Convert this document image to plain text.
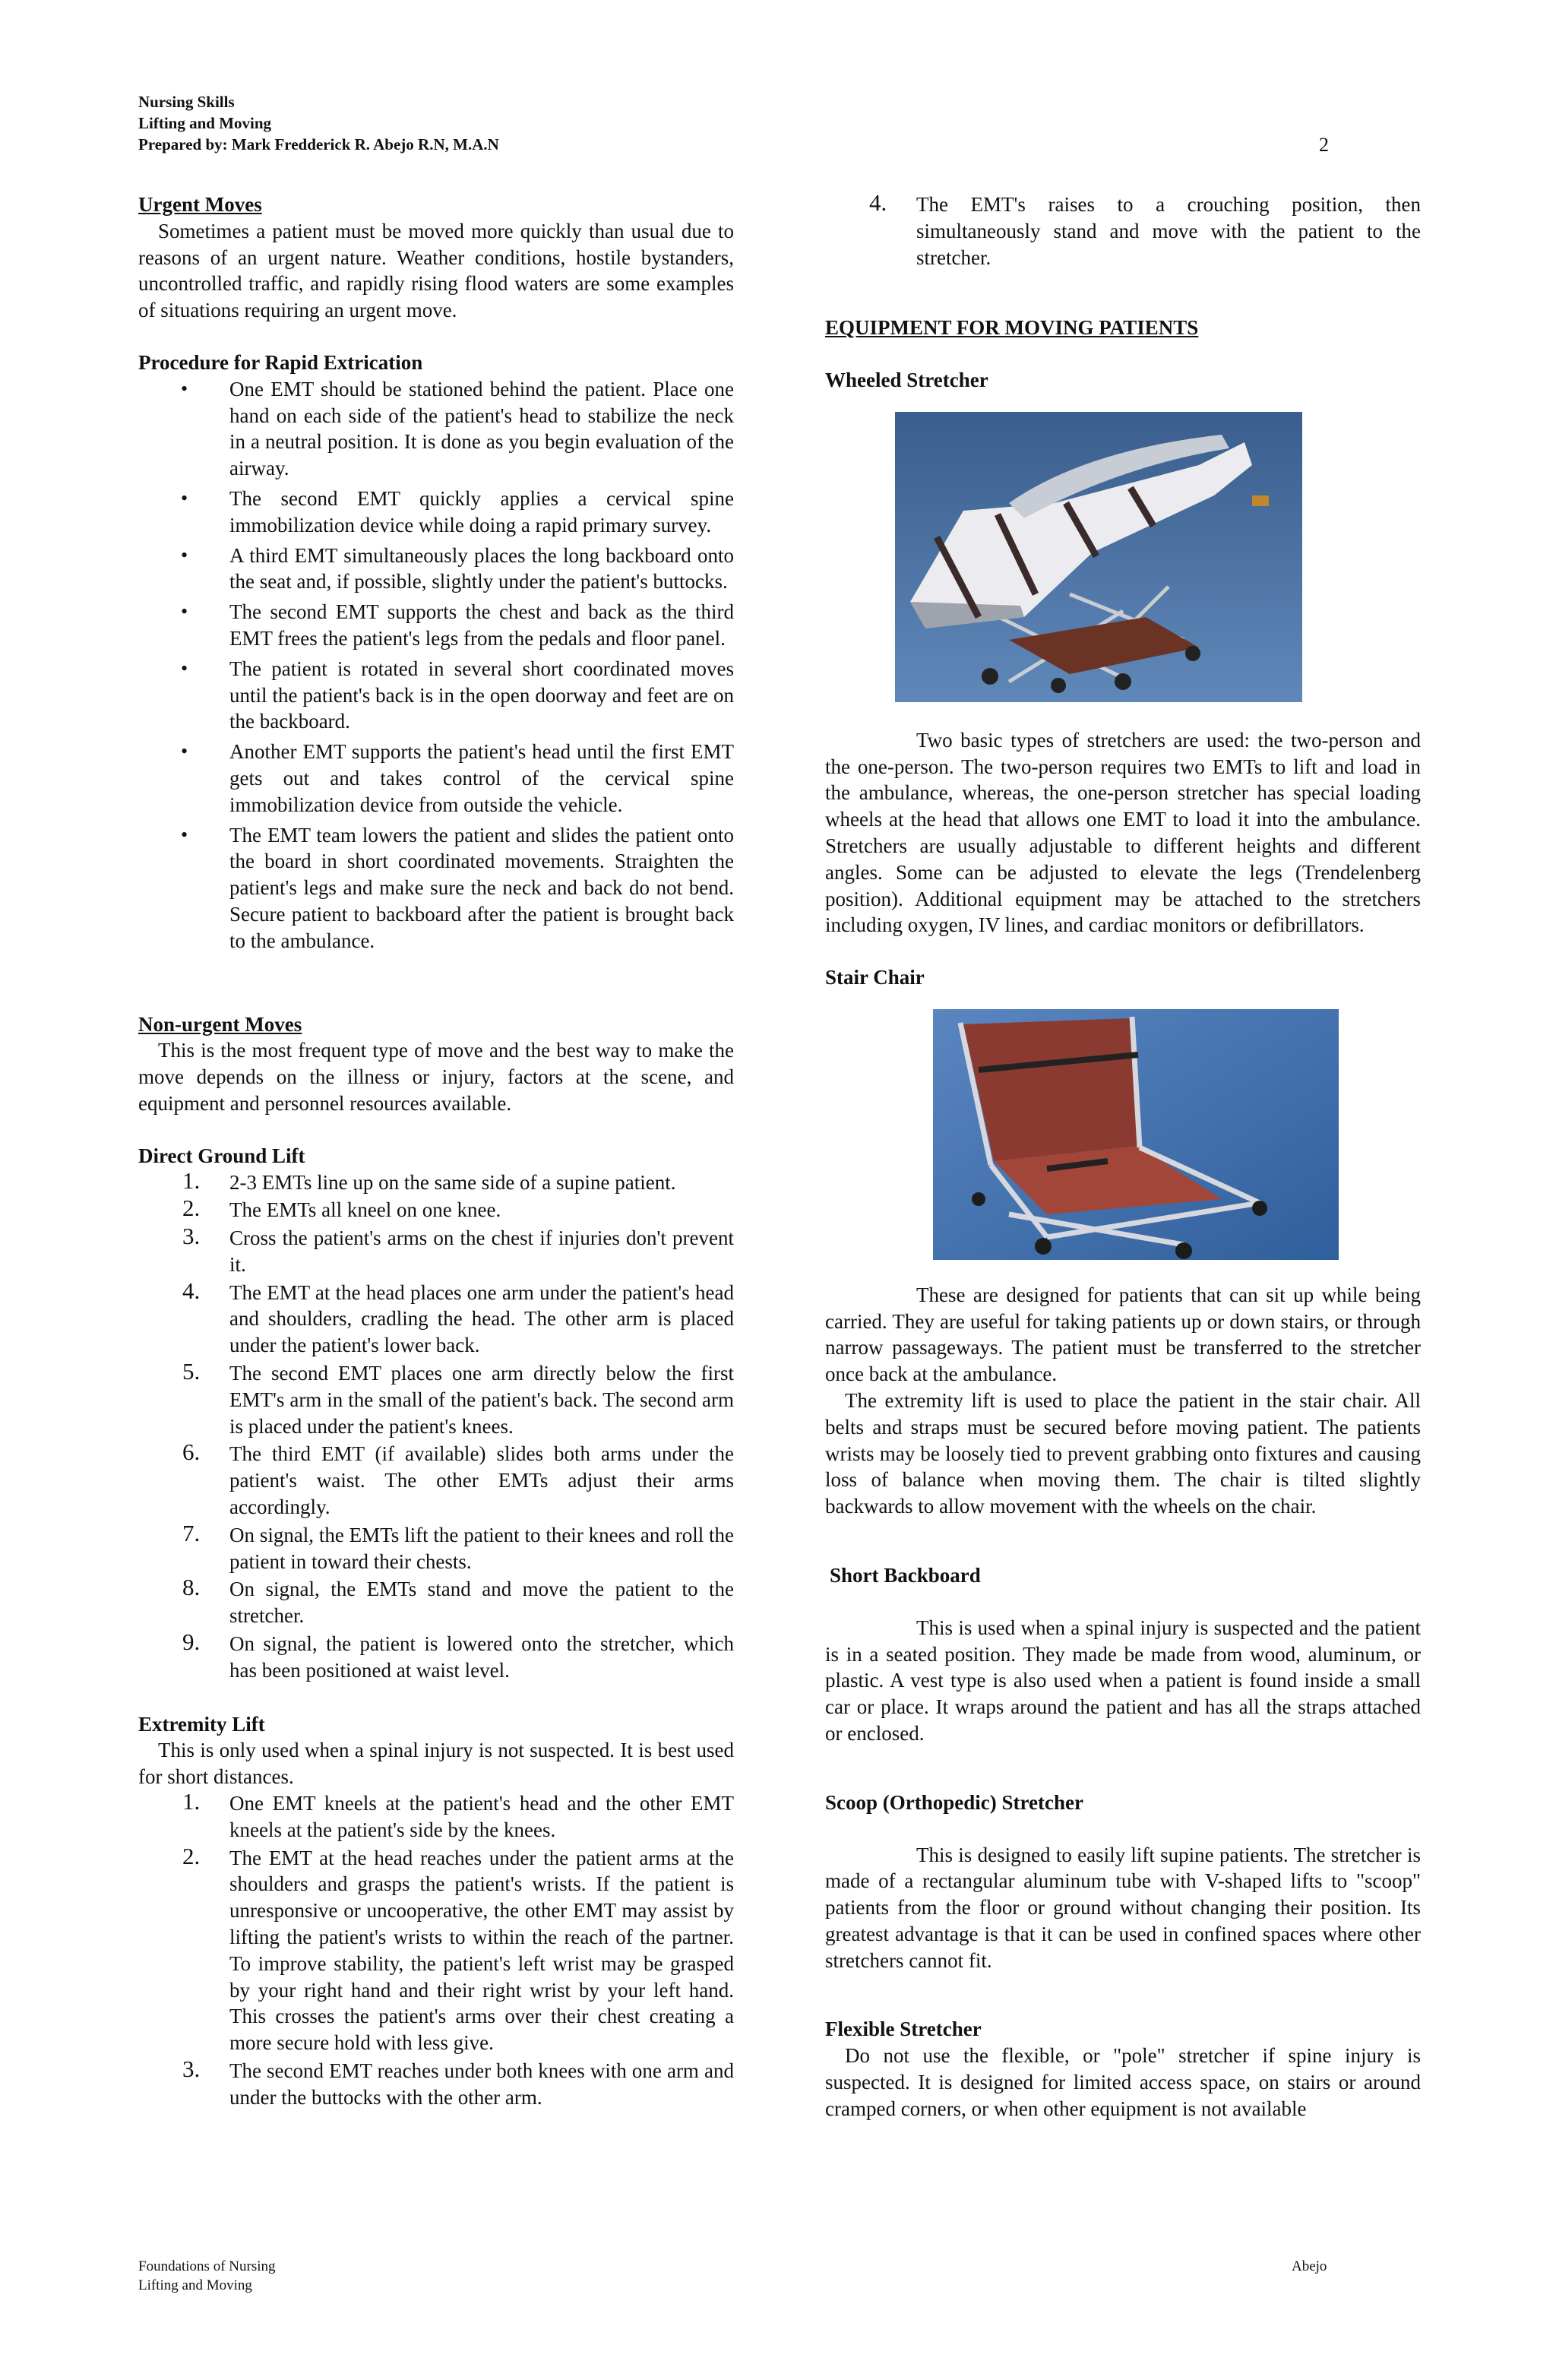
Nursing Skills
Lifting and Moving
Prepared by: Mark Fredderick R. Abejo R.N, M.A.N	2
Urgent Moves

Sometimes a patient must be moved more quickly than usual due to reasons of an urgent nature. Weather conditions, hostile bystanders, uncontrolled traffic, and rapidly rising flood waters are some examples of situations requiring an urgent move.

Procedure for Rapid Extrication
• One EMT should be stationed behind the patient. Place one hand on each side of the patient's head to stabilize the neck in a neutral position. It is done as you begin evaluation of the airway.
• The second EMT quickly applies a cervical spine immobilization device while doing a rapid primary survey.
• A third EMT simultaneously places the long backboard onto the seat and, if possible, slightly under the patient's buttocks.
• The second EMT supports the chest and back as the third EMT frees the patient's legs from the pedals and floor panel.
• The patient is rotated in several short coordinated moves until the patient's back is in the open doorway and feet are on the backboard.
• Another EMT supports the patient's head until the first EMT gets out and takes control of the cervical spine immobilization device from outside the vehicle.
• The EMT team lowers the patient and slides the patient onto the board in short coordinated movements. Straighten the patient's legs and make sure the neck and back do not bend. Secure patient to backboard after the patient is brought back to the ambulance.
Non-urgent Moves

This is the most frequent type of move and the best way to make the move depends on the illness or injury, factors at the scene, and equipment and personnel resources available.

Direct Ground Lift
1. 2-3 EMTs line up on the same side of a supine patient.
2. The EMTs all kneel on one knee.
3. Cross the patient's arms on the chest if injuries don't prevent it.
4. The EMT at the head places one arm under the patient's head and shoulders, cradling the head. The other arm is placed under the patient's lower back.
5. The second EMT places one arm directly below the first EMT's arm in the small of the patient's back. The second arm is placed under the patient's knees.
6. The third EMT (if available) slides both arms under the patient's waist. The other EMTs adjust their arms accordingly.
7. On signal, the EMTs lift the patient to their knees and roll the patient in toward their chests.
8. On signal, the EMTs stand and move the patient to the stretcher.
9. On signal, the patient is lowered onto the stretcher, which has been positioned at waist level.
Extremity Lift

This is only used when a spinal injury is not suspected. It is best used for short distances.

1. One EMT kneels at the patient's head and the other EMT kneels at the patient's side by the knees.
2. The EMT at the head reaches under the patient arms at the shoulders and grasps the patient's wrists. If the patient is unresponsive or uncooperative, the other EMT may assist by lifting the patient's wrists to within the reach of the partner. To improve stability, the patient's left wrist may be grasped by your right hand and their right wrist by your left hand. This crosses the patient's arms over their chest creating a more secure hold with less give.
3. The second EMT reaches under both knees with one arm and under the buttocks with the other arm.
4. The EMT's raises to a crouching position, then simultaneously stand and move with the patient to the stretcher.
EQUIPMENT FOR MOVING PATIENTS
Wheeled Stretcher

Two basic types of stretchers are used: the two-person and the one-person. The two-person requires two EMTs to lift and load in the ambulance, whereas, the one-person stretcher has special loading wheels at the head that allows one EMT to load it into the ambulance. Stretchers are usually adjustable to different heights and different angles. Some can be adjusted to elevate the legs (Trendelenberg position). Additional equipment may be attached to the stretchers including oxygen, IV lines, and cardiac monitors or defibrillators.

Stair Chair

These are designed for patients that can sit up while being carried. They are useful for taking patients up or down stairs, or through narrow passageways. The patient must be transferred to the stretcher once back at the ambulance.

The extremity lift is used to place the patient in the stair chair. All belts and straps must be secured before moving patient. The patients wrists may be loosely tied to prevent grabbing onto fixtures and causing loss of balance when moving them. The chair is tilted slightly backwards to allow movement with the wheels on the chair.

Short Backboard

This is used when a spinal injury is suspected and the patient is in a seated position. They made be made from wood, aluminum, or plastic. A vest type is also used when a patient is found inside a small car or place. It wraps around the patient and has all the straps attached or enclosed.

Scoop (Orthopedic) Stretcher

This is designed to easily lift supine patients. The stretcher is made of a rectangular aluminum tube with V-shaped lifts to "scoop" patients from the floor or ground without changing their position. Its greatest advantage is that it can be used in confined spaces where other stretchers cannot fit.

Flexible Stretcher

Do not use the flexible, or "pole" stretcher if spine injury is suspected. It is designed for limited access space, on stairs or around cramped corners, or when other equipment is not available

Foundations of Nursing
Lifting and Moving
Abejo
